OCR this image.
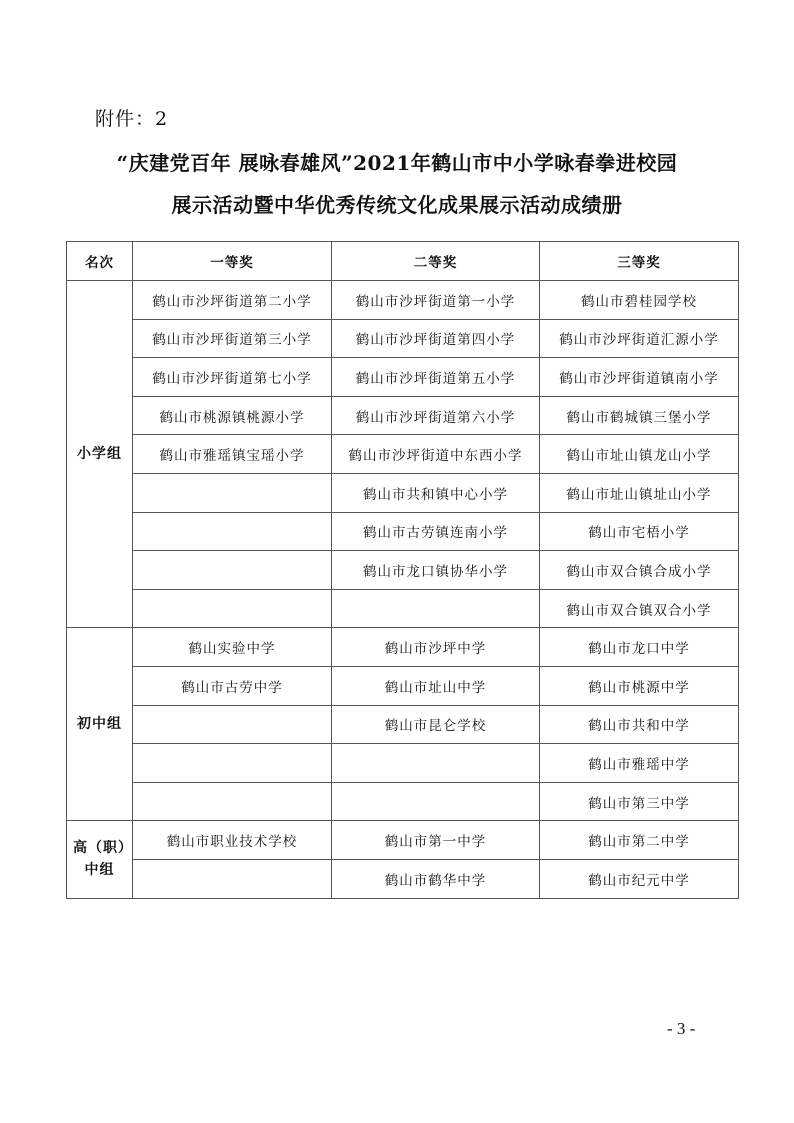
附件：2
“庆建党百年 展咏春雄风”2021年鹤山市中小学咏春拳进校园
展示活动暨中华优秀传统文化成果展示活动成绩册
名次	一等奖	二等奖	三等奖
小学组	鹤山市沙坪街道第二小学	鹤山市沙坪街道第一小学	鹤山市碧桂园学校
	鹤山市沙坪街道第三小学	鹤山市沙坪街道第四小学	鹤山市沙坪街道汇源小学
	鹤山市沙坪街道第七小学	鹤山市沙坪街道第五小学	鹤山市沙坪街道镇南小学
	鹤山市桃源镇桃源小学	鹤山市沙坪街道第六小学	鹤山市鹤城镇三堡小学
	鹤山市雅瑶镇宝瑶小学	鹤山市沙坪街道中东西小学	鹤山市址山镇龙山小学
		鹤山市共和镇中心小学	鹤山市址山镇址山小学
		鹤山市古劳镇连南小学	鹤山市宅梧小学
		鹤山市龙口镇协华小学	鹤山市双合镇合成小学
			鹤山市双合镇双合小学
初中组	鹤山实验中学	鹤山市沙坪中学	鹤山市龙口中学
	鹤山市古劳中学	鹤山市址山中学	鹤山市桃源中学
		鹤山市昆仑学校	鹤山市共和中学
			鹤山市雅瑶中学
			鹤山市第三中学
高（职）中组	鹤山市职业技术学校	鹤山市第一中学	鹤山市第二中学
		鹤山市鹤华中学	鹤山市纪元中学
- 3 -
